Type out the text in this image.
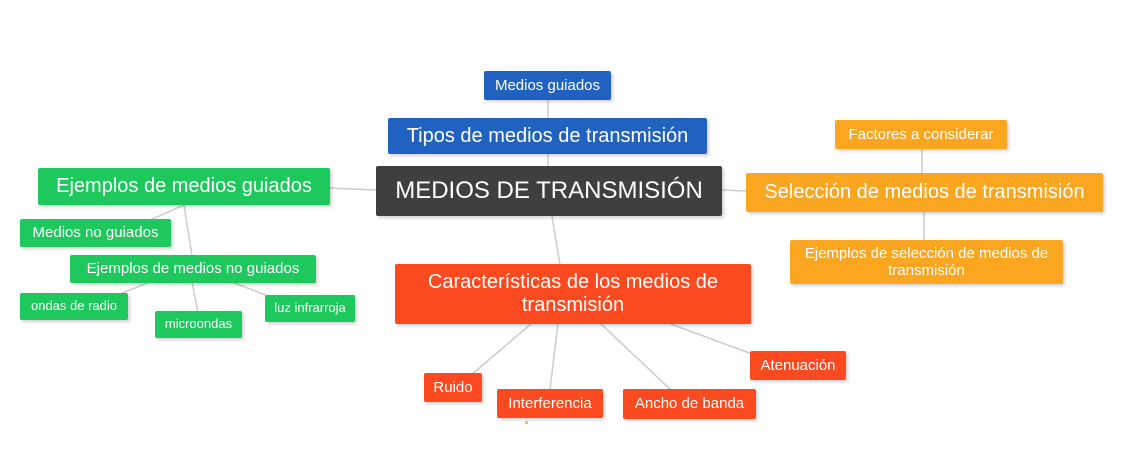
MEDIOS DE TRANSMISIÓN
Tipos de medios de transmisión
Medios guiados
Selección de medios de transmisión
Factores a considerar
Ejemplos de selección de medios de transmisión
Ejemplos de medios guiados
Medios no guiados
Ejemplos de medios no guiados
ondas de radio
microondas
luz infrarroja
Características de los medios de transmisión
Ruido
Interferencia	Ancho de banda
Atenuación
